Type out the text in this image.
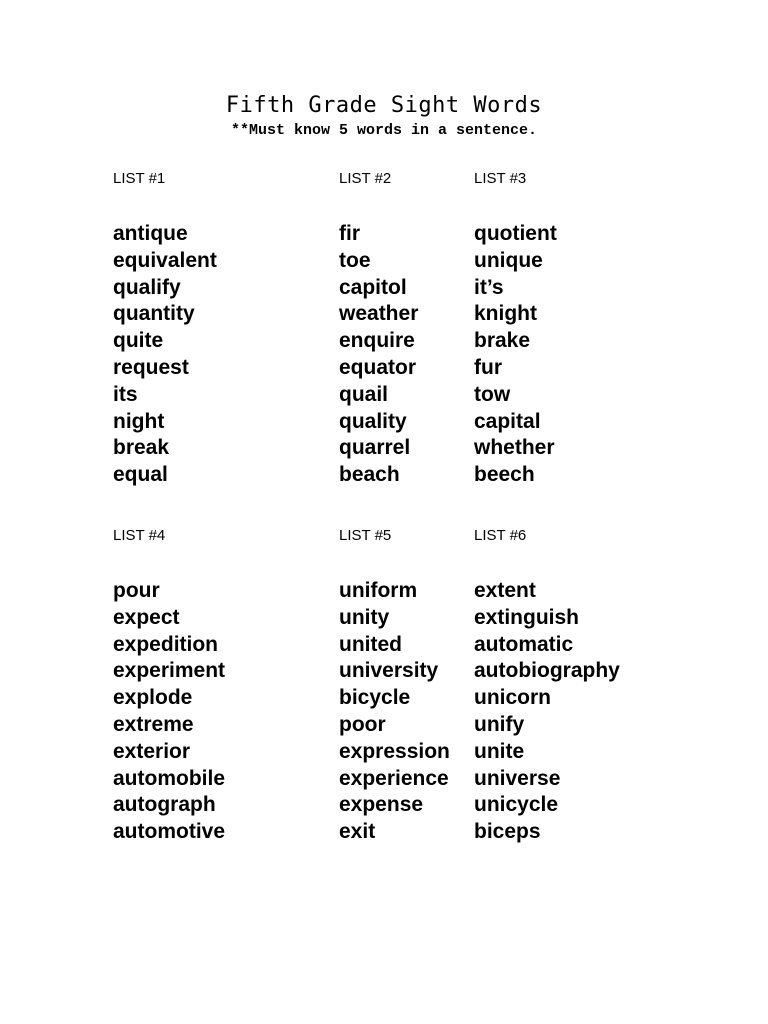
Fifth Grade Sight Words
**Must know 5 words in a sentence.
LIST #1
antique
equivalent
qualify
quantity
quite
request
its
night
break
equal
LIST #2
fir
toe
capitol
weather
enquire
equator
quail
quality
quarrel
beach
LIST #3
quotient
unique
it’s
knight
brake
fur
tow
capital
whether
beech
LIST #4
pour
expect
expedition
experiment
explode
extreme
exterior
automobile
autograph
automotive
LIST #5
uniform
unity
united
university
bicycle
poor
expression
experience
expense
exit
LIST #6
extent
extinguish
automatic
autobiography
unicorn
unify
unite
universe
unicycle
biceps
